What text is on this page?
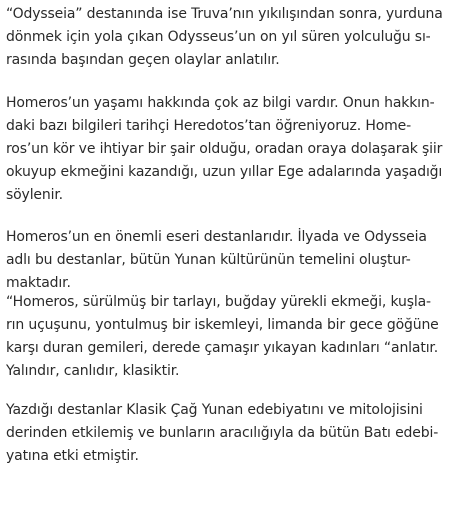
“Odysseia” destanında ise Truva’nın yıkılışından sonra, yurduna
dönmek için yola çıkan Odysseus’un on yıl süren yolculuğu sı-
rasında başından geçen olaylar anlatılır.

Homeros’un yaşamı hakkında çok az bilgi vardır. Onun hakkın-
daki bazı bilgileri tarihçi Heredotos’tan öğreniyoruz. Home-
ros’un kör ve ihtiyar bir şair olduğu, oradan oraya dolaşarak şiir
okuyup ekmeğini kazandığı, uzun yıllar Ege adalarında yaşadığı
söylenir.

Homeros’un en önemli eseri destanlarıdır. İlyada ve Odysseia
adlı bu destanlar, bütün Yunan kültürünün temelini oluştur-
maktadır.

“Homeros, sürülmüş bir tarlayı, buğday yürekli ekmeği, kuşla-
rın uçuşunu, yontulmuş bir iskemleyi, limanda bir gece göğüne
karşı duran gemileri, derede çamaşır yıkayan kadınları “anlatır.
Yalındır, canlıdır, klasiktir.

Yazdığı destanlar Klasik Çağ Yunan edebiyatını ve mitolojisini
derinden etkilemiş ve bunların aracılığıyla da bütün Batı edebi-
yatına etki etmiştir.
